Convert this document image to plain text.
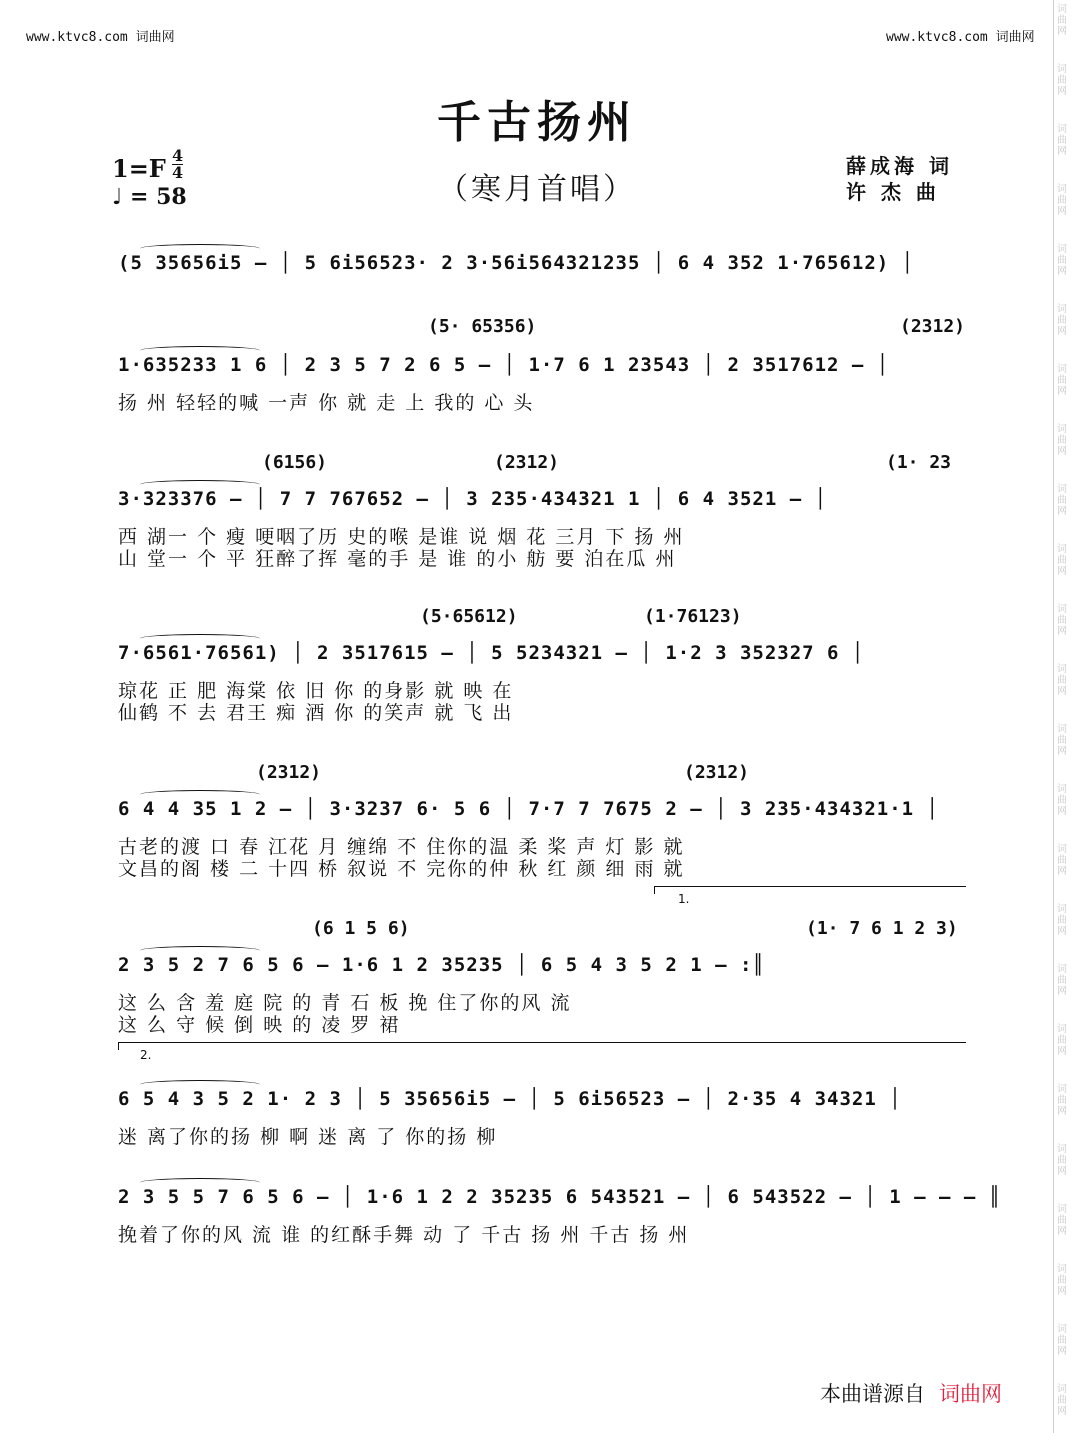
www.ktvc8.com 词曲网	www.ktvc8.com 词曲网
词曲网
词曲网
词曲网
词曲网
词曲网
词曲网
词曲网
词曲网
词曲网
词曲网
词曲网
词曲网
词曲网
词曲网
词曲网
词曲网
词曲网
词曲网
词曲网
词曲网
词曲网
词曲网
词曲网
词曲网
千古扬州
（寒月首唱）
1=F 4
4
♩ = 58
薛成海 词
许 杰 曲
(5 35656i5 – │ 5 6i56523· 2 3·56i564321235 │ 6 4 352 1·765612) │
(5· 65356)	(2312)
1·635233 1 6 │ 2 3 5 7 2 6 5 – │ 1·7 6 1 23543 │ 2 3517612 – │
扬 州 轻轻的喊 一声 你 就 走 上 我的 心 头
(6156)	(2312)	(1· 23
3·323376 – │ 7 7 767652 – │ 3 235·434321 1 │ 6 4 3521 – │
西 湖一 个 瘦 哽咽了历 史的喉 是谁 说 烟 花 三月 下 扬 州
山 堂一 个 平 狂醉了挥 毫的手 是 谁 的小 舫 要 泊在瓜 州
(5·65612)	(1·76123)
7·6561·76561) │ 2 3517615 – │ 5 5234321 – │ 1·2 3 352327 6 │
琼花 正 肥 海棠 依 旧 你 的身影 就 映 在
仙鹤 不 去 君王 痴 酒 你 的笑声 就 飞 出
(2312)	(2312)
6 4 4 35 1 2 – │ 3·3237 6· 5 6 │ 7·7 7 7675 2 – │ 3 235·434321·1 │
古老的渡 口 春 江花 月 缠绵 不 住你的温 柔 桨 声 灯 影 就
文昌的阁 楼 二 十四 桥 叙说 不 完你的仲 秋 红 颜 细 雨 就
(6 1 5 6)	(1· 7 6 1 2 3)
2 3 5 2 7 6 5 6 – 1·6 1 2 35235 │ 6 5 4 3 5 2 1 – :║
这 么 含 羞 庭 院 的 青 石 板 挽 住了你的风 流
这 么 守 候 倒 映 的 凌 罗 裙
6 5 4 3 5 2 1· 2 3 │ 5 35656i5 – │ 5 6i56523 – │ 2·35 4 34321 │
迷 离了你的扬 柳 啊 迷 离 了 你的扬 柳
2 3 5 5 7 6 5 6 – │ 1·6 1 2 2 35235 6 543521 – │ 6 543522 – │ 1 – – – ║
挽着了你的风 流 谁 的红酥手舞 动 了 千古 扬 州 千古 扬 州
1.
2.
本曲谱源自 词曲网
